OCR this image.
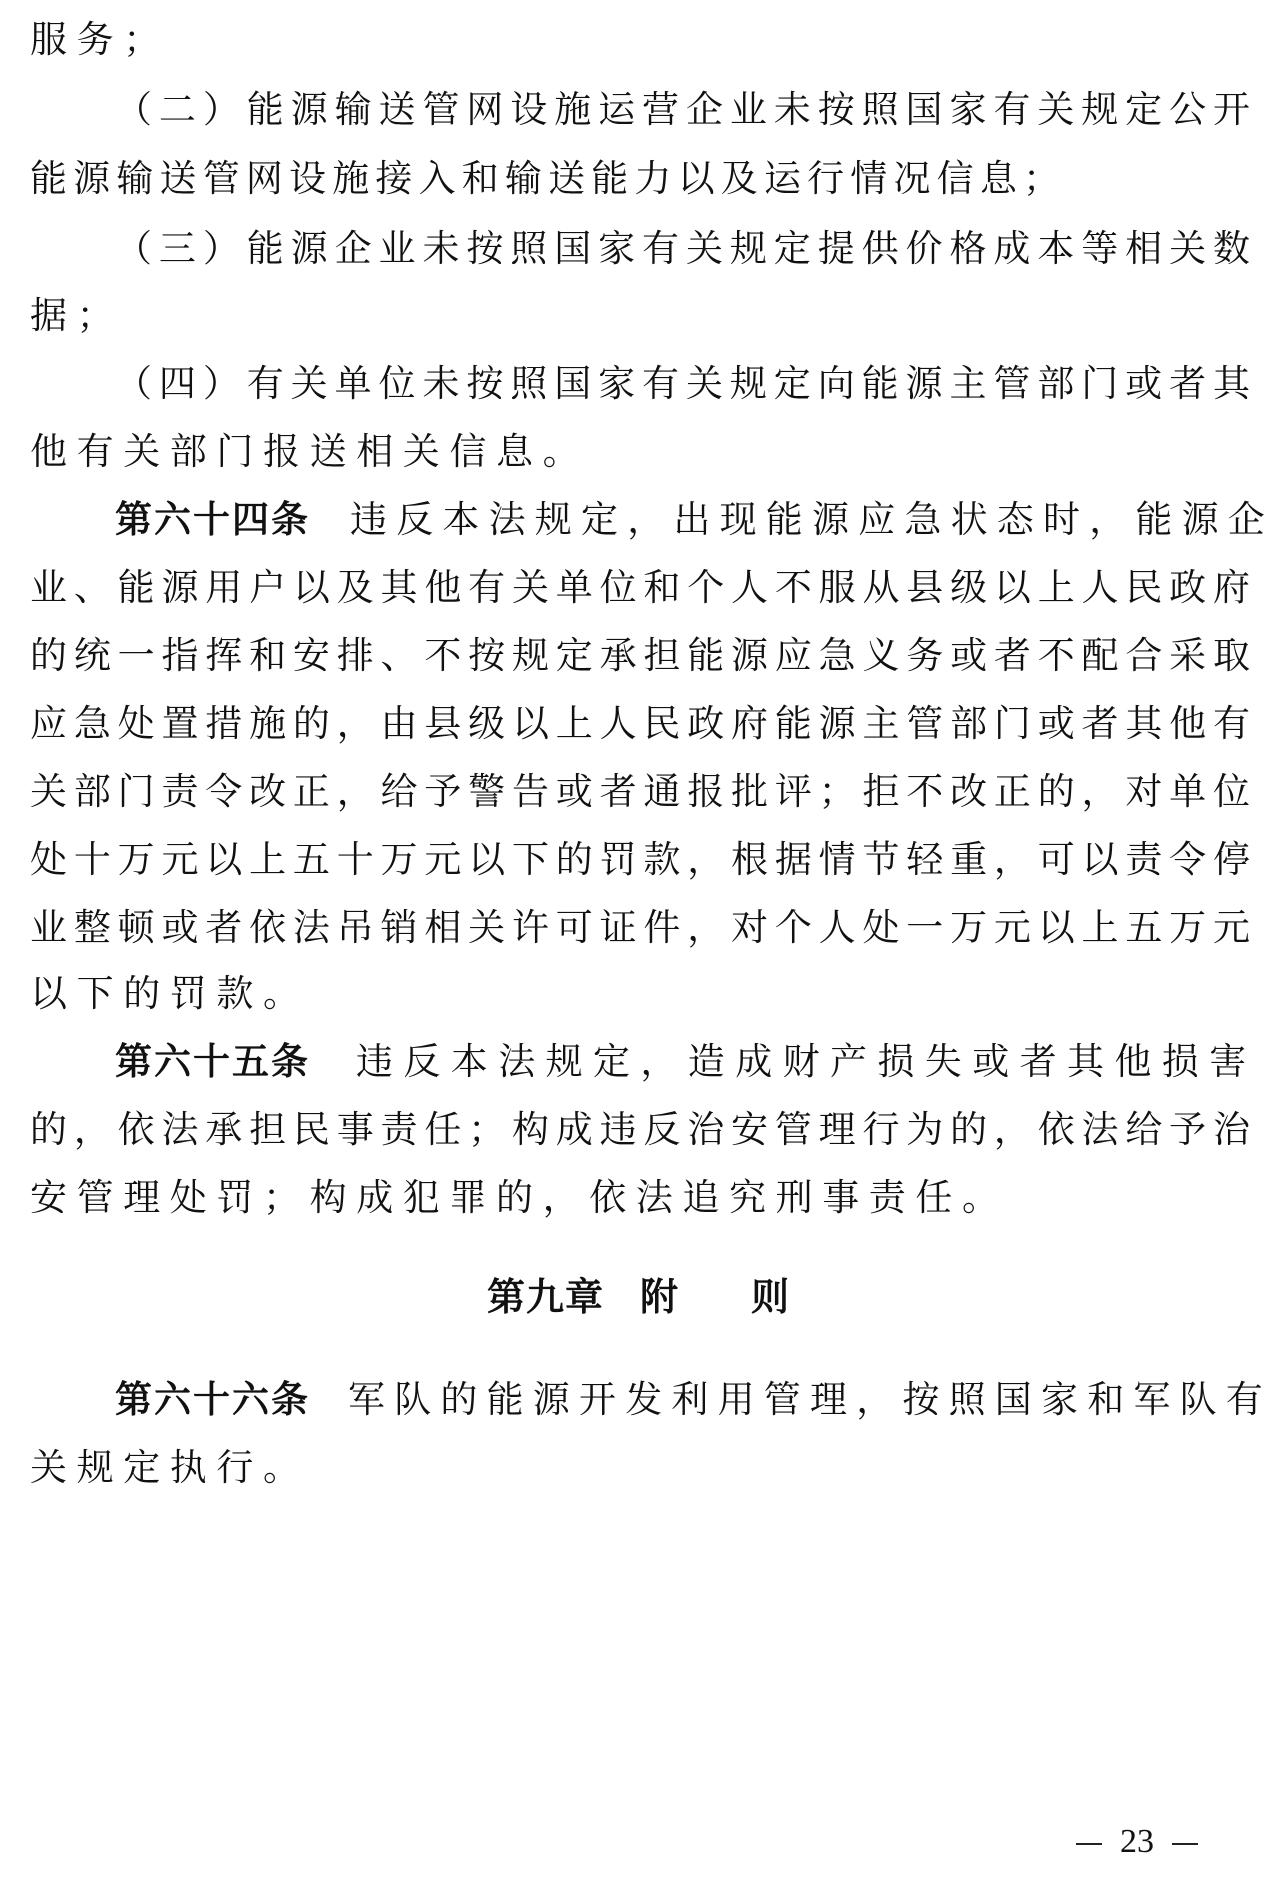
服务；
（二）能源输送管网设施运营企业未按照国家有关规定公开
能源输送管网设施接入和输送能力以及运行情况信息；
（三）能源企业未按照国家有关规定提供价格成本等相关数
据；
（四）有关单位未按照国家有关规定向能源主管部门或者其
他有关部门报送相关信息。
第六十四条 违反本法规定，出现能源应急状态时，能源企
业、能源用户以及其他有关单位和个人不服从县级以上人民政府
的统一指挥和安排、不按规定承担能源应急义务或者不配合采取
应急处置措施的，由县级以上人民政府能源主管部门或者其他有
关部门责令改正，给予警告或者通报批评；拒不改正的，对单位
处十万元以上五十万元以下的罚款，根据情节轻重，可以责令停
业整顿或者依法吊销相关许可证件，对个人处一万元以上五万元
以下的罚款。
第六十五条 违反本法规定，造成财产损失或者其他损害
的，依法承担民事责任；构成违反治安管理行为的，依法给予治
安管理处罚；构成犯罪的，依法追究刑事责任。
第九章 附 则
第六十六条 军队的能源开发利用管理，按照国家和军队有
关规定执行。
23
